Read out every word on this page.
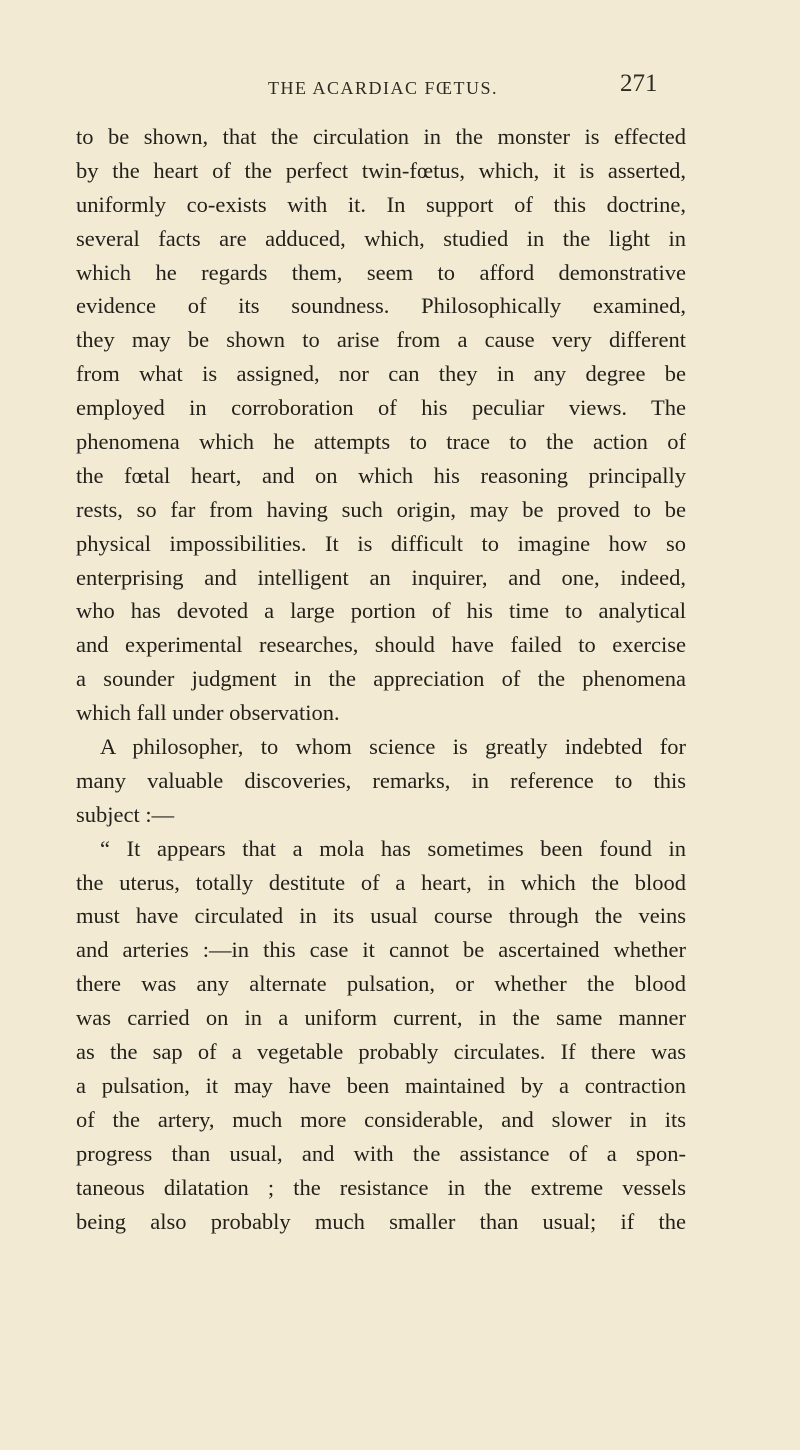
THE ACARDIAC FŒTUS.	271
to be shown, that the circulation in the monster is effected
by the heart of the perfect twin-fœtus, which, it is asserted,
uniformly co-exists with it. In support of this doctrine,
several facts are adduced, which, studied in the light in
which he regards them, seem to afford demonstrative
evidence of its soundness. Philosophically examined,
they may be shown to arise from a cause very different
from what is assigned, nor can they in any degree be
employed in corroboration of his peculiar views. The
phenomena which he attempts to trace to the action of
the fœtal heart, and on which his reasoning principally
rests, so far from having such origin, may be proved to be
physical impossibilities. It is difficult to imagine how so
enterprising and intelligent an inquirer, and one, indeed,
who has devoted a large portion of his time to analytical
and experimental researches, should have failed to exercise
a sounder judgment in the appreciation of the phenomena
which fall under observation.
A philosopher, to whom science is greatly indebted for
many valuable discoveries, remarks, in reference to this
subject :—
“ It appears that a mola has sometimes been found in
the uterus, totally destitute of a heart, in which the blood
must have circulated in its usual course through the veins
and arteries :—in this case it cannot be ascertained whether
there was any alternate pulsation, or whether the blood
was carried on in a uniform current, in the same manner
as the sap of a vegetable probably circulates. If there was
a pulsation, it may have been maintained by a contraction
of the artery, much more considerable, and slower in its
progress than usual, and with the assistance of a spon-
taneous dilatation ; the resistance in the extreme vessels
being also probably much smaller than usual; if the
